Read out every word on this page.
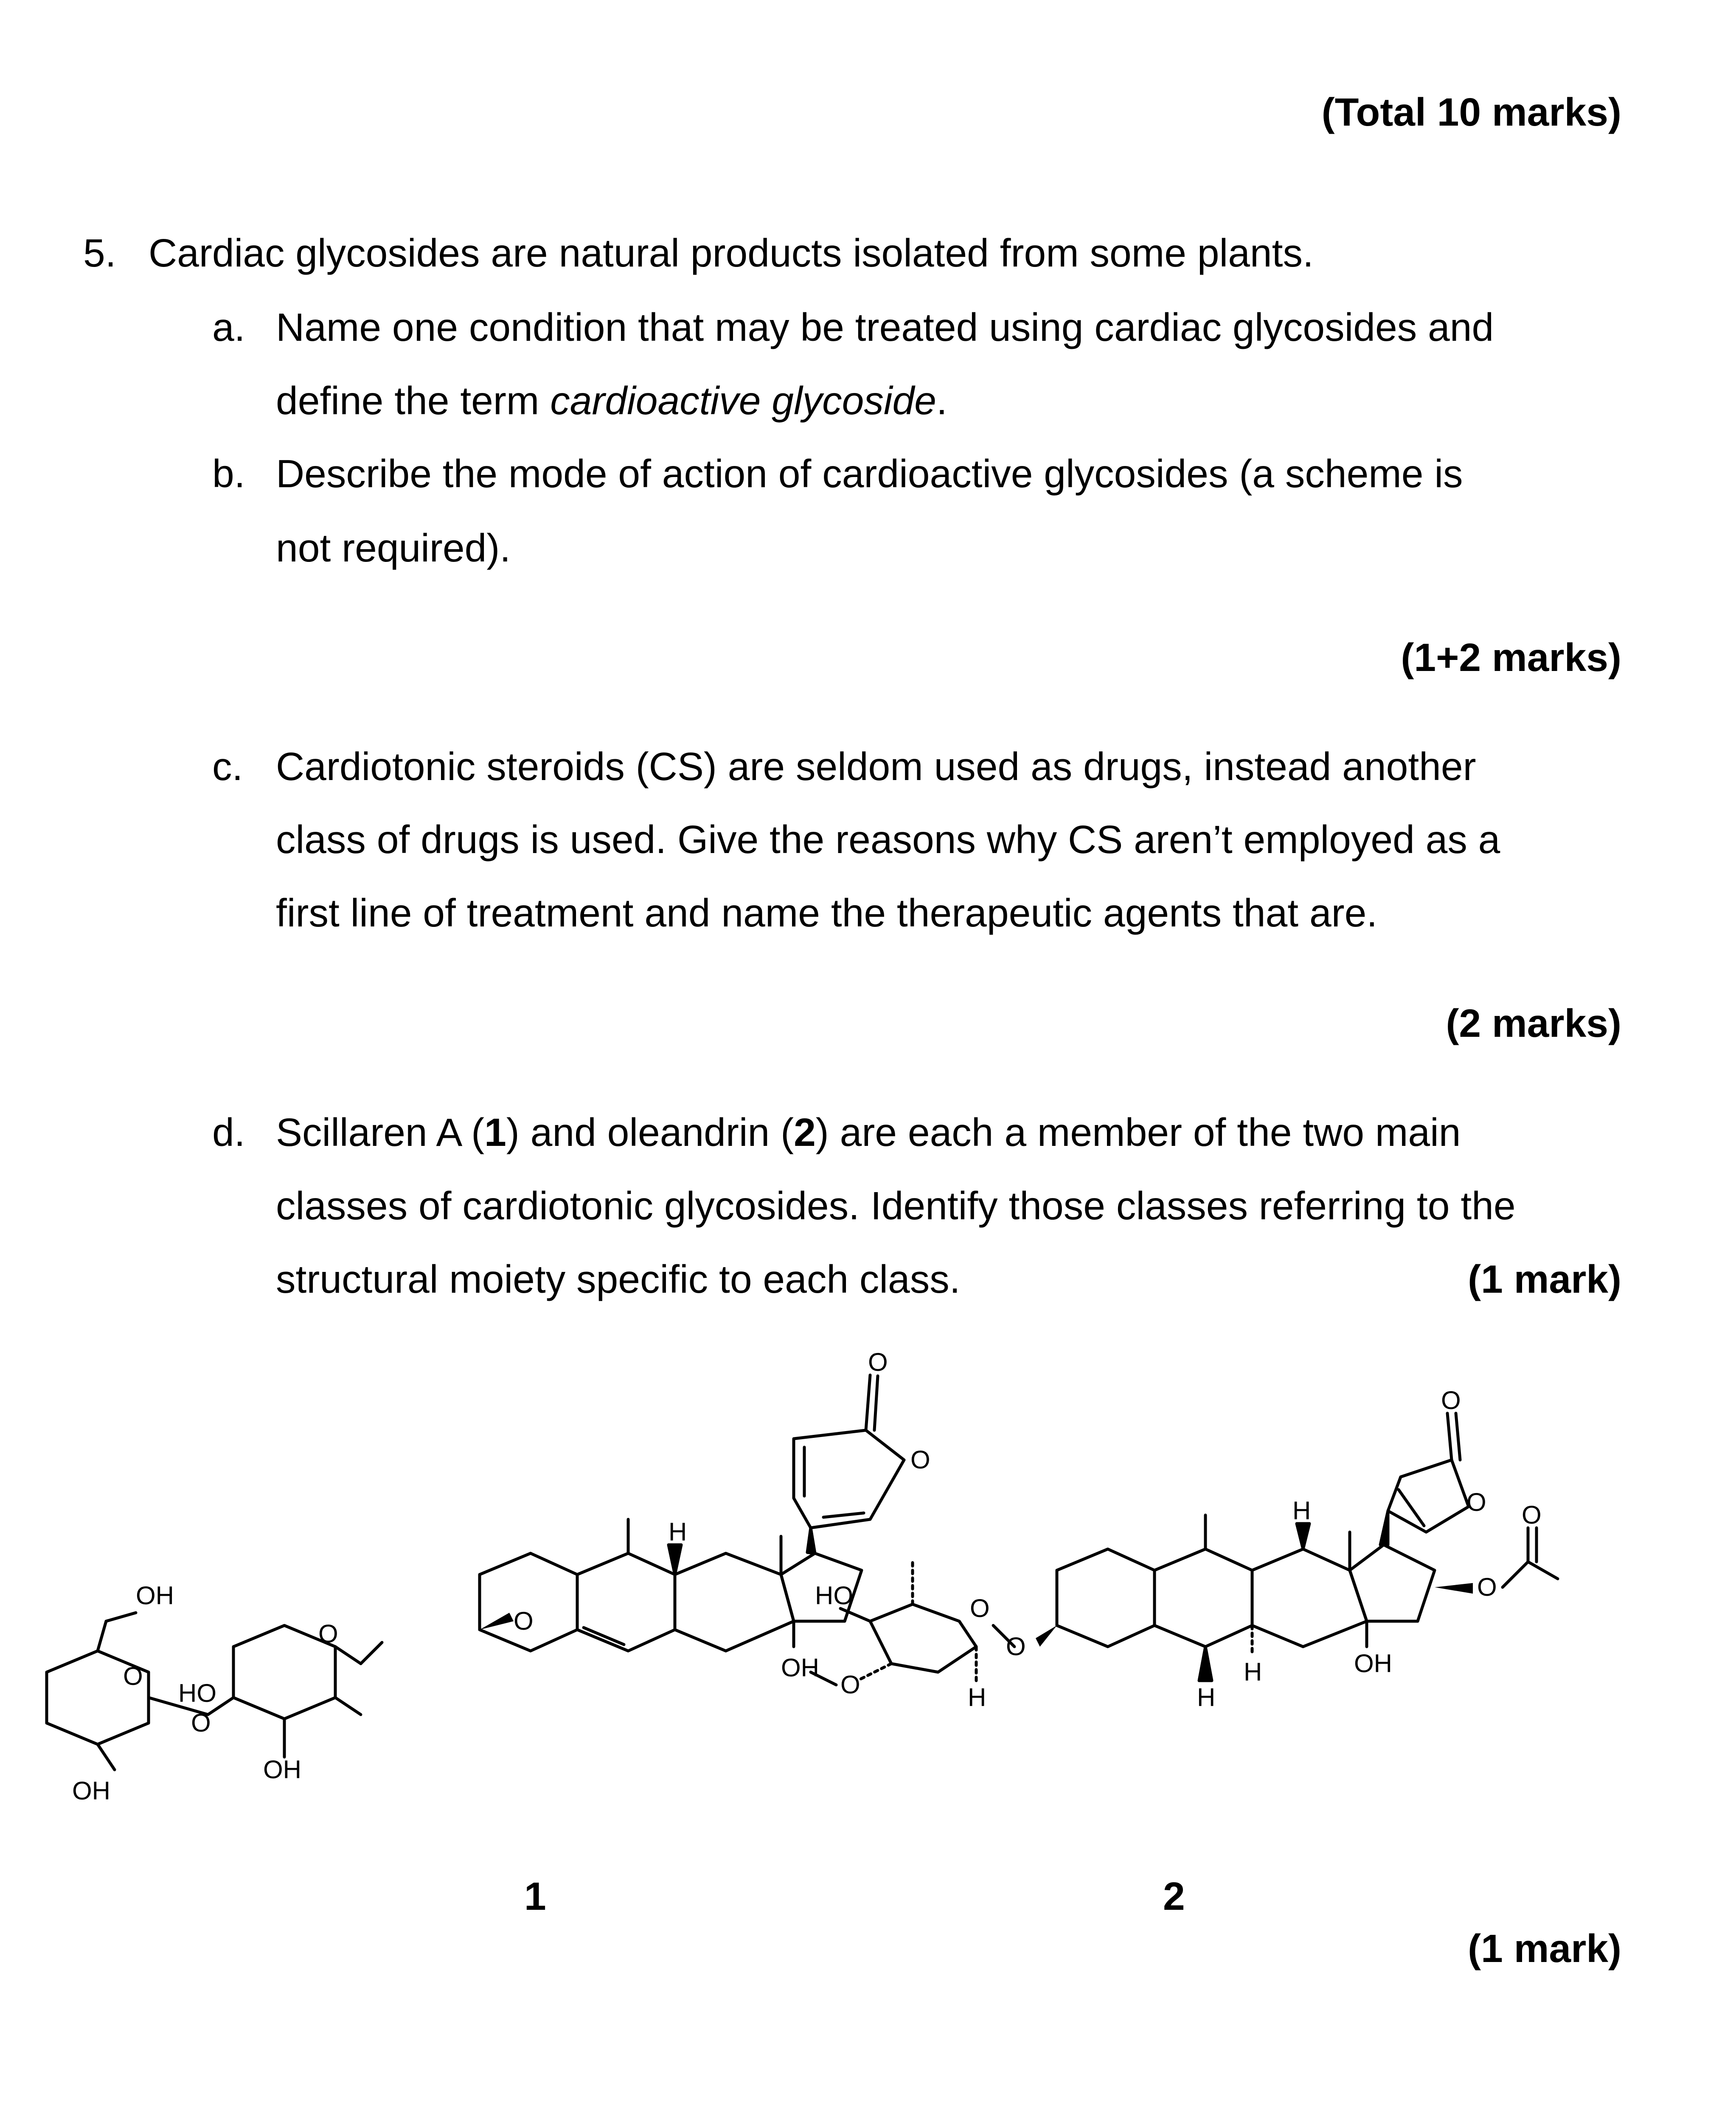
(Total 10 marks)
5. Cardiac glycosides are natural products isolated from some plants.
a. Name one condition that may be treated using cardiac glycosides and
define the term cardioactive glycoside.
b. Describe the mode of action of cardioactive glycosides (a scheme is
not required).
(1+2 marks)
c. Cardiotonic steroids (CS) are seldom used as drugs, instead another
class of drugs is used. Give the reasons why CS aren’t employed as a
first line of treatment and name the therapeutic agents that are.
(2 marks)
d. Scillaren A (1) and oleandrin (2) are each a member of the two main
classes of cardiotonic glycosides. Identify those classes referring to the
structural moiety specific to each class.	(1 mark)
O
O
H
OH
O
O
HO
O
OH
O
OH
OH
1
O
O O
O
H
OH
H
H
O
O
HO
O	H
2
(1 mark)
